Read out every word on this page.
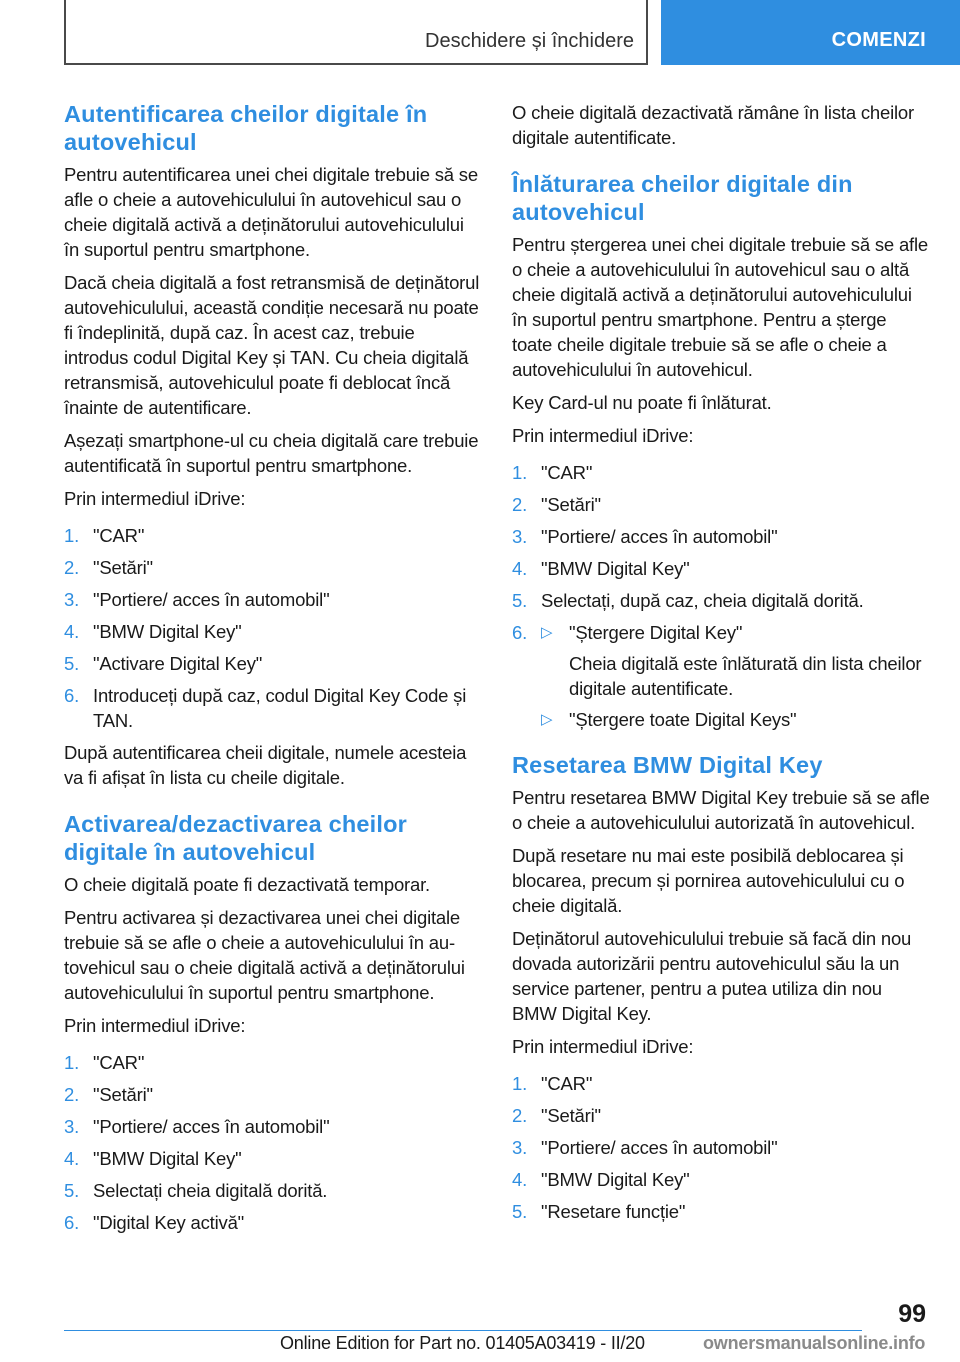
Deschidere și închidere	COMENZI
Autentificarea cheilor digitale în autovehicul

Pentru autentificarea unei chei digitale trebuie să se afle o cheie a autovehiculului în autovehicul sau o cheie digitală activă a deținătorului autovehiculului în suportul pentru smartphone.

Dacă cheia digitală a fost retransmisă de deținătorul autovehiculului, această condiție necesară nu poate fi îndeplinită, după caz. În acest caz, trebuie introdus codul Digital Key și TAN. Cu cheia digitală retransmisă, autovehiculul poate fi deblocat încă înainte de autentificare.

Așezați smartphone-ul cu cheia digitală care trebuie autentificată în suportul pentru smartphone.

Prin intermediul iDrive:

1. "CAR"
2. "Setări"
3. "Portiere/ acces în automobil"
4. "BMW Digital Key"
5. "Activare Digital Key"
6. Introduceți după caz, codul Digital Key Code și TAN.

După autentificarea cheii digitale, numele acesteia va fi afișat în lista cu cheile digitale.

Activarea/dezactivarea cheilor digitale în autovehicul

O cheie digitală poate fi dezactivată temporar.

Pentru activarea și dezactivarea unei chei digitale trebuie să se afle o cheie a autovehiculului în autovehicul sau o cheie digitală activă a deținătorului autovehiculului în suportul pentru smartphone.

Prin intermediul iDrive:

1. "CAR"
2. "Setări"
3. "Portiere/ acces în automobil"
4. "BMW Digital Key"
5. Selectați cheia digitală dorită.
6. "Digital Key activă"

O cheie digitală dezactivată rămâne în lista cheilor digitale autentificate.

Înlăturarea cheilor digitale din autovehicul

Pentru ștergerea unei chei digitale trebuie să se afle o cheie a autovehiculului în autovehicul sau o altă cheie digitală activă a deținătorului autovehiculului în suportul pentru smartphone. Pentru a șterge toate cheile digitale trebuie să se afle o cheie a autovehiculului în autovehicul.

Key Card-ul nu poate fi înlăturat.

Prin intermediul iDrive:

1. "CAR"
2. "Setări"
3. "Portiere/ acces în automobil"
4. "BMW Digital Key"
5. Selectați, după caz, cheia digitală dorită.
6. ▷ "Ștergere Digital Key"
Cheia digitală este înlăturată din lista cheilor digitale autentificate.
▷ "Ștergere toate Digital Keys"
Resetarea BMW Digital Key

Pentru resetarea BMW Digital Key trebuie să se afle o cheie a autovehiculului autorizată în autovehicul.

După resetare nu mai este posibilă deblocarea și blocarea, precum și pornirea autovehiculului cu o cheie digitală.

Deținătorul autovehiculului trebuie să facă din nou dovada autorizării pentru autovehiculul său la un service partener, pentru a putea utiliza din nou BMW Digital Key.

Prin intermediul iDrive:

1. "CAR"
2. "Setări"
3. "Portiere/ acces în automobil"
4. "BMW Digital Key"
5. "Resetare funcție"
99
Online Edition for Part no. 01405A03419 - II/20	ownersmanualsonline.info
